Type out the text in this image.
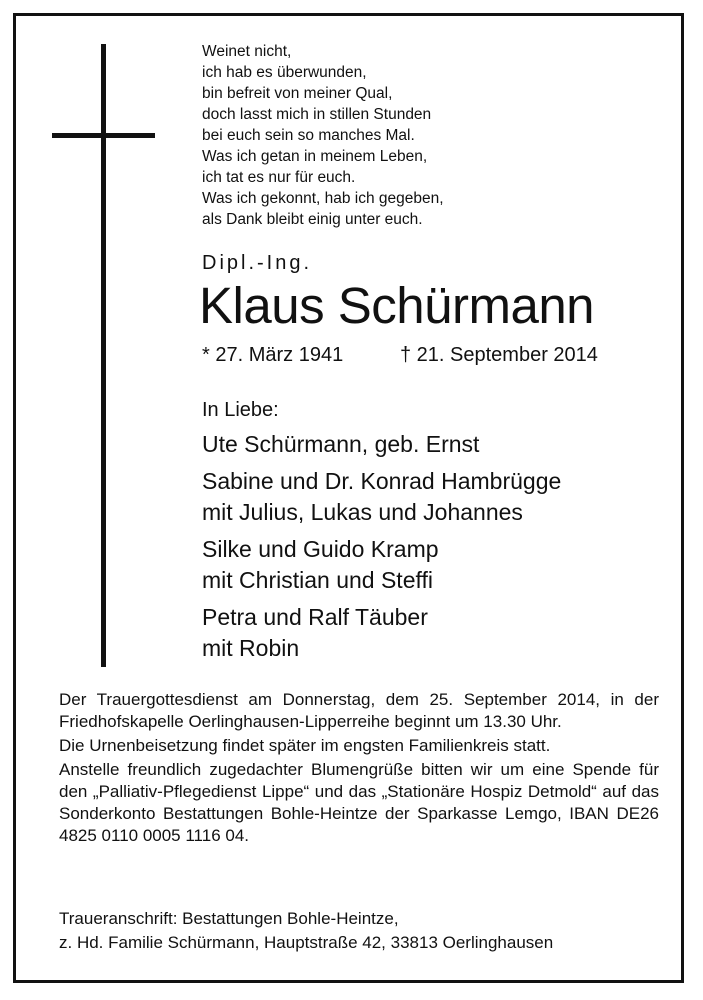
Weinet nicht,
ich hab es überwunden,
bin befreit von meiner Qual,
doch lasst mich in stillen Stunden
bei euch sein so manches Mal.
Was ich getan in meinem Leben,
ich tat es nur für euch.
Was ich gekonnt, hab ich gegeben,
als Dank bleibt einig unter euch.
Dipl.-Ing.
Klaus Schürmann
* 27. März 1941	† 21. September 2014
In Liebe:
Ute Schürmann, geb. Ernst
Sabine und Dr. Konrad Hambrügge
mit Julius, Lukas und Johannes
Silke und Guido Kramp
mit Christian und Steffi
Petra und Ralf Täuber
mit Robin

Der Trauergottesdienst am Donnerstag, dem 25. September 2014, in der Friedhofskapelle Oerlinghausen-Lipperreihe beginnt um 13.30 Uhr.

Die Urnenbeisetzung findet später im engsten Familienkreis statt.

Anstelle freundlich zugedachter Blumengrüße bitten wir um eine Spende für den „Palliativ-Pflegedienst Lippe“ und das „Stationäre Hospiz Detmold“ auf das Sonderkonto Bestattungen Bohle-Heintze der Sparkasse Lemgo, IBAN DE26 4825 0110 0005 1116 04.

Traueranschrift: Bestattungen Bohle-Heintze,
z. Hd. Familie Schürmann, Hauptstraße 42, 33813 Oerlinghausen
